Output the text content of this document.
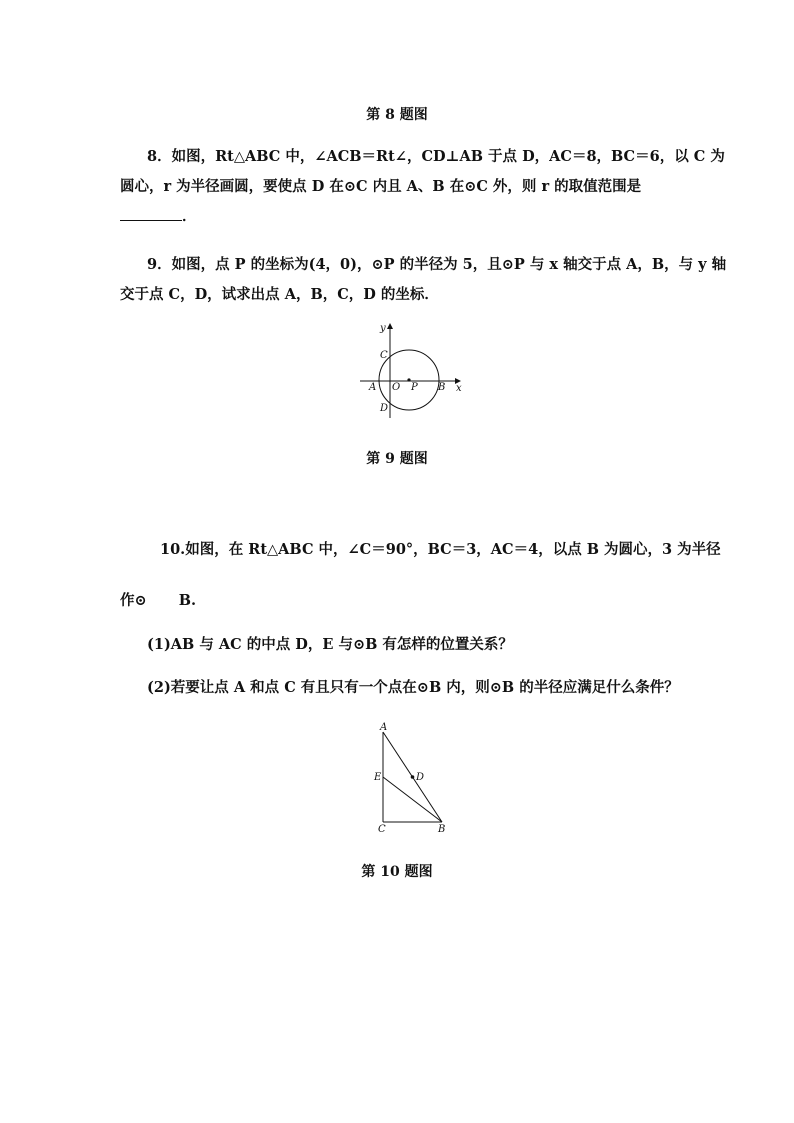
第 8 题图
8．如图，Rt△ABC 中，∠ACB＝Rt∠，CD⊥AB 于点 D，AC＝8，BC＝6，以 C 为
圆心，r 为半径画圆，要使点 D 在⊙C 内且 A、B 在⊙C 外，则 r 的取值范围是
．
9．如图，点 P 的坐标为(4，0)，⊙P 的半径为 5，且⊙P 与 x 轴交于点 A，B，与 y 轴
交于点 C，D，试求出点 A，B，C，D 的坐标．
y
x
C
A O P B
D
第 9 题图
10.如图，在 Rt△ABC 中，∠C＝90°，BC＝3，AC＝4，以点 B 为圆心，3 为半径
作⊙ B.
(1)AB 与 AC 的中点 D，E 与⊙B 有怎样的位置关系？
(2)若要让点 A 和点 C 有且只有一个点在⊙B 内，则⊙B 的半径应满足什么条件？
A
E	D
C	B
第 10 题图
